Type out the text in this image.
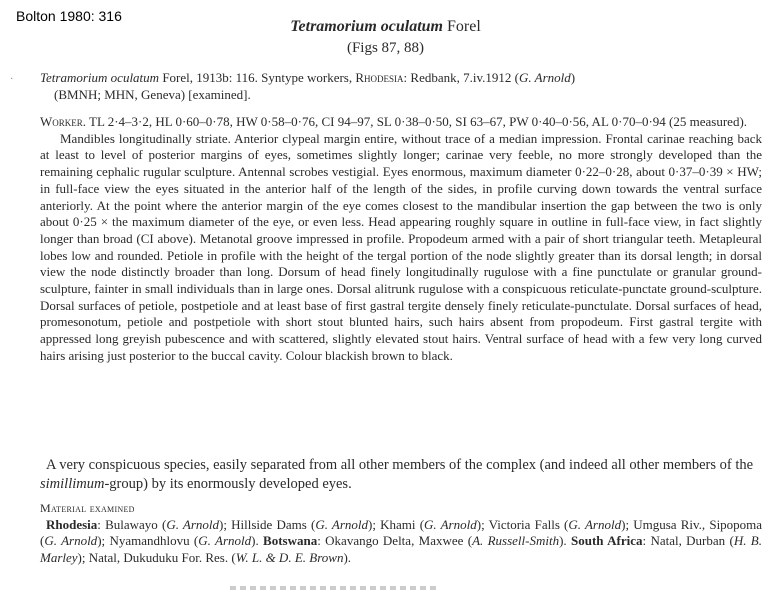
Bolton 1980: 316
Tetramorium oculatum Forel
(Figs 87, 88)
· Tetramorium oculatum Forel, 1913b: 116. Syntype workers, Rhodesia: Redbank, 7.iv.1912 (G. Arnold)
(BMNH; MHN, Geneva) [examined].

Worker. TL 2·4–3·2, HL 0·60–0·78, HW 0·58–0·76, CI 94–97, SL 0·38–0·50, SI 63–67, PW 0·40–0·56, AL 0·70–0·94 (25 measured).

Mandibles longitudinally striate. Anterior clypeal margin entire, without trace of a median impression. Frontal carinae reaching back at least to level of posterior margins of eyes, sometimes slightly longer; carinae very feeble, no more strongly developed than the remaining cephalic rugular sculpture. Antennal scrobes vestigial. Eyes enormous, maximum diameter 0·22–0·28, about 0·37–0·39 × HW; in full-face view the eyes situated in the anterior half of the length of the sides, in profile curving down towards the ventral surface anteriorly. At the point where the anterior margin of the eye comes closest to the mandibular insertion the gap between the two is only about 0·25 × the maximum diameter of the eye, or even less. Head appearing roughly square in outline in full-face view, in fact slightly longer than broad (CI above). Metanotal groove impressed in profile. Propodeum armed with a pair of short triangular teeth. Metapleural lobes low and rounded. Petiole in profile with the height of the tergal portion of the node slightly greater than its dorsal length; in dorsal view the node distinctly broader than long. Dorsum of head finely longitudinally rugulose with a fine punctulate or granular ground-sculpture, fainter in small individuals than in large ones. Dorsal alitrunk rugulose with a conspicuous reticulate-punctate ground-sculpture. Dorsal surfaces of petiole, postpetiole and at least base of first gastral tergite densely finely reticulate-punctulate. Dorsal surfaces of head, promesonotum, petiole and postpetiole with short stout blunted hairs, such hairs absent from propodeum. First gastral tergite with appressed long greyish pubescence and with scattered, slightly elevated stout hairs. Ventral surface of head with a few very long curved hairs arising just posterior to the buccal cavity. Colour blackish brown to black.

A very conspicuous species, easily separated from all other members of the complex (and indeed all other members of the simillimum-group) by its enormously developed eyes.
Material examined
Rhodesia: Bulawayo (G. Arnold); Hillside Dams (G. Arnold); Khami (G. Arnold); Victoria Falls (G. Arnold); Umgusa Riv., Sipopoma (G. Arnold); Nyamandhlovu (G. Arnold). Botswana: Okavango Delta, Maxwee (A. Russell-Smith). South Africa: Natal, Durban (H. B. Marley); Natal, Dukuduku For. Res. (W. L. & D. E. Brown).
